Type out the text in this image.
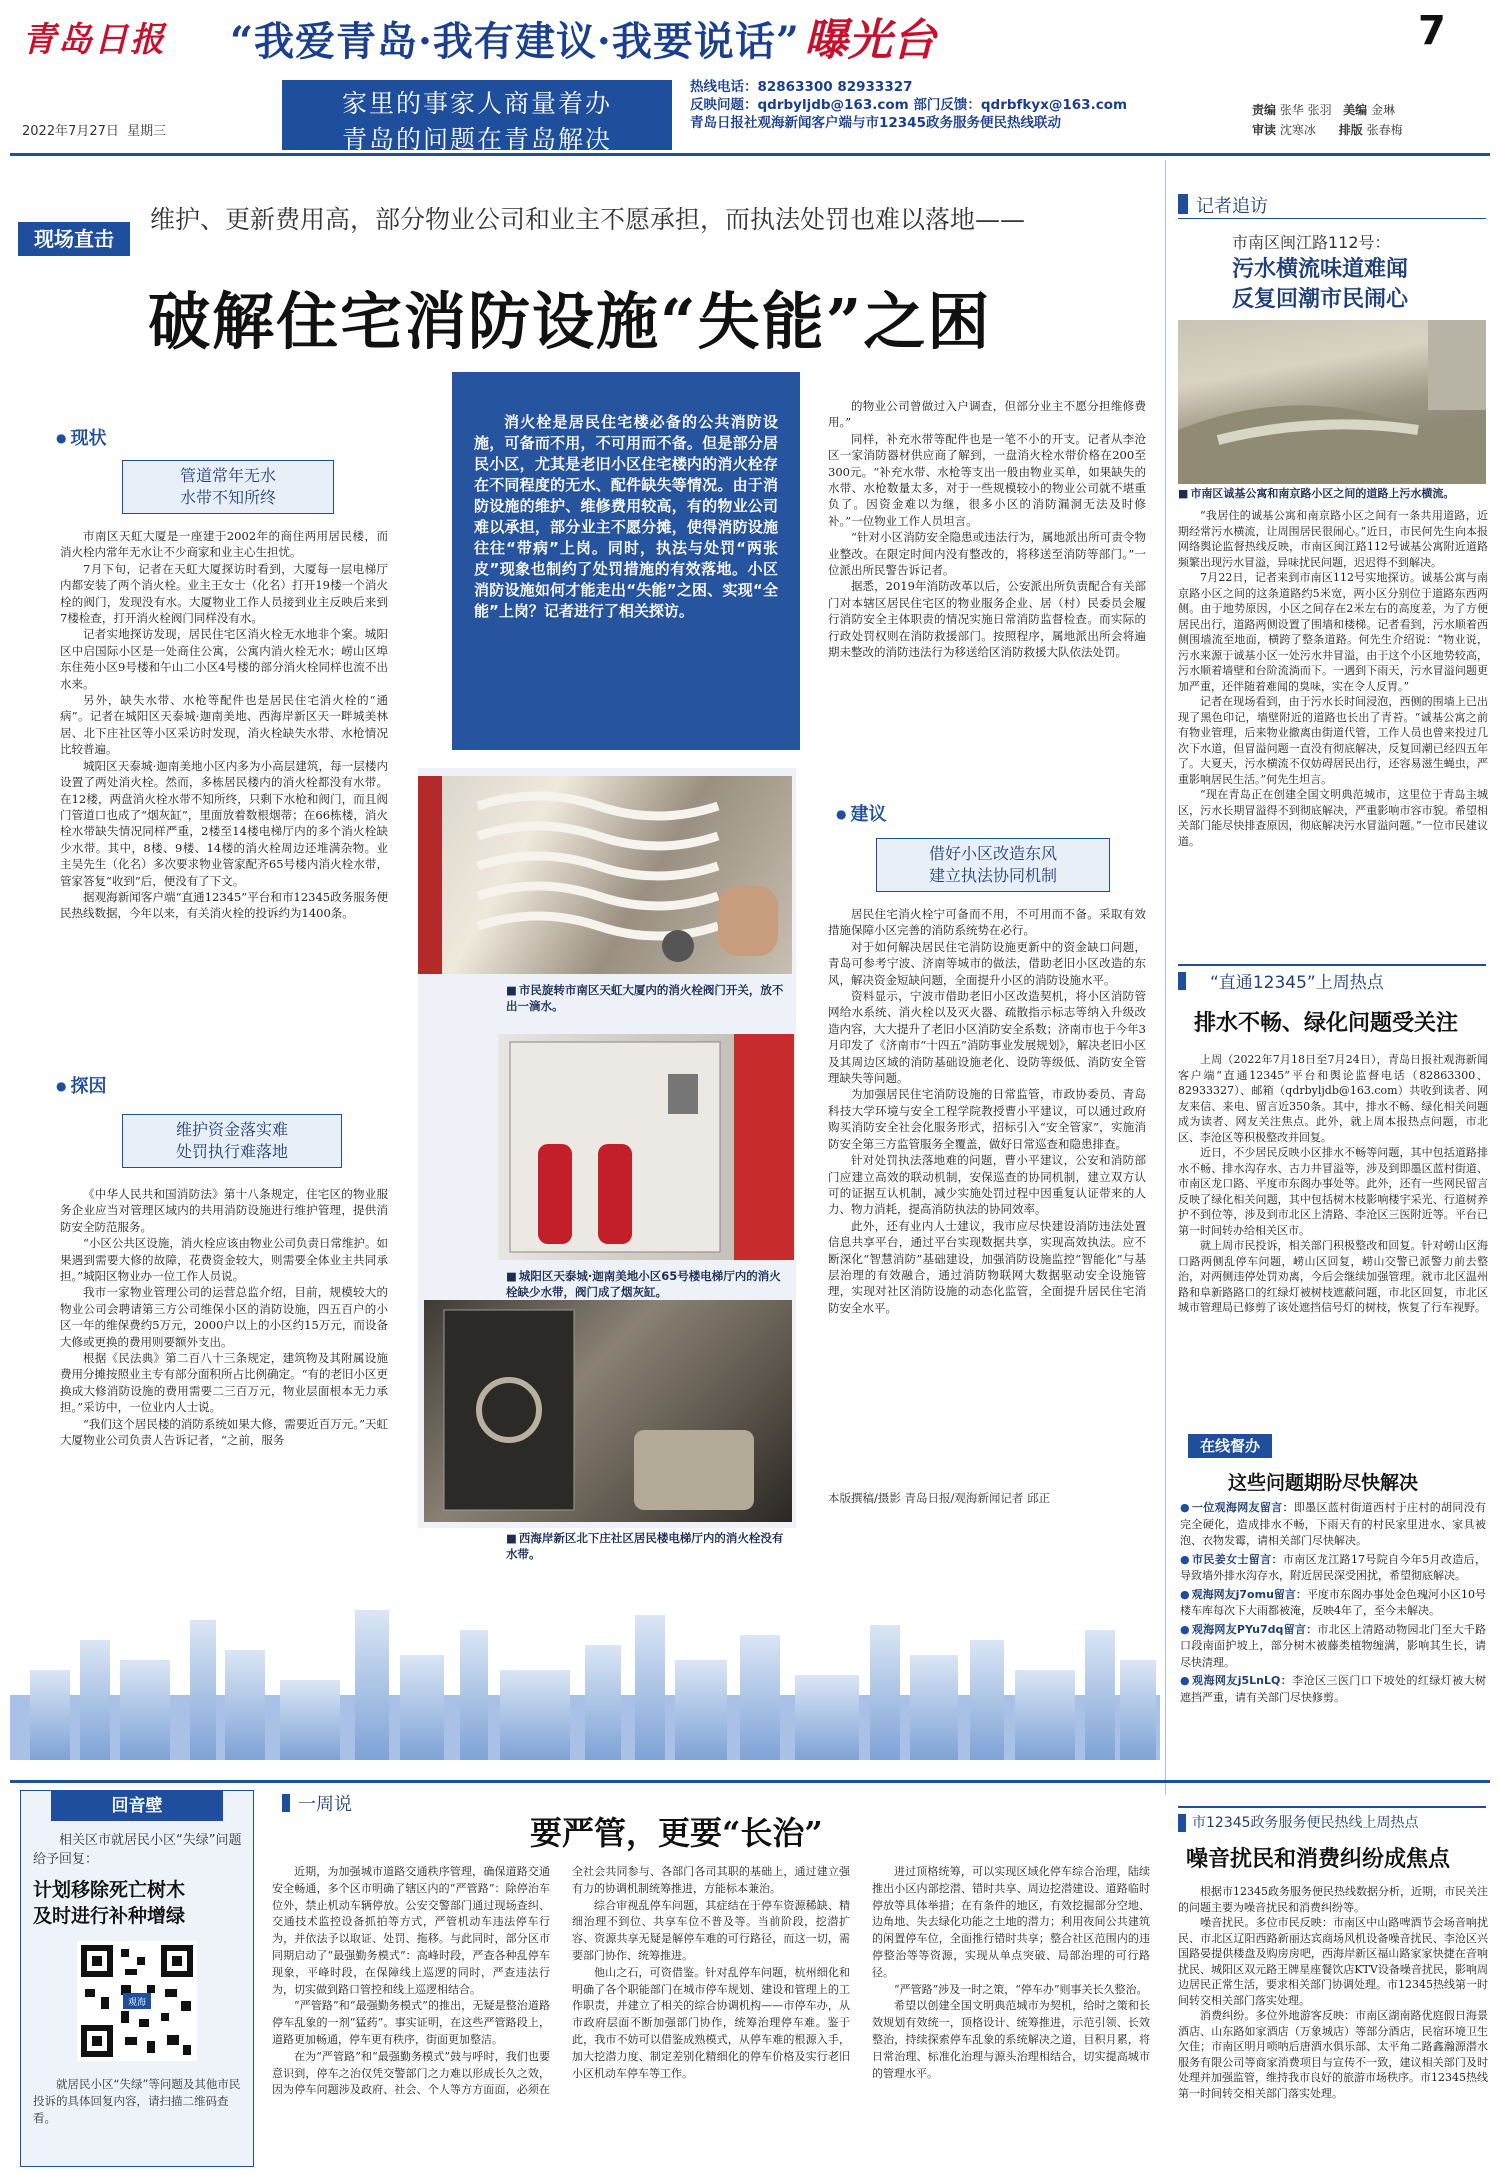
青岛日报
2022年7月27日 星期三
“我爱青岛·我有建议·我要说话”曝光台	7
家里的事家人商量着办
青岛的问题在青岛解决
热线电话：82863300 82933327
反映问题：qdrbyljdb@163.com 部门反馈：qdrbfkyx@163.com
青岛日报社观海新闻客户端与市12345政务服务便民热线联动
责编 张华 张羽 美编 金琳
审读 沈寒冰 排版 张春梅
现场直击
维护、更新费用高，部分物业公司和业主不愿承担，而执法处罚也难以落地——
破解住宅消防设施“失能”之困
● 现状
管道常年无水
水带不知所终

市南区天虹大厦是一座建于2002年的商住两用居民楼，而消火栓内常年无水让不少商家和业主心生担忧。

7月下旬，记者在天虹大厦探访时看到，大厦每一层电梯厅内都安装了两个消火栓。业主王女士（化名）打开19楼一个消火栓的阀门，发现没有水。大厦物业工作人员接到业主反映后来到7楼检查，打开消火栓阀门同样没有水。

记者实地探访发现，居民住宅区消火栓无水地非个案。城阳区中启国际小区是一处商住公寓，公寓内消火栓无水；崂山区埠东住苑小区9号楼和午山二小区4号楼的部分消火栓同样也流不出水来。

另外，缺失水带、水枪等配件也是居民住宅消火栓的“通病”。记者在城阳区天泰城·迦南美地、西海岸新区天一畔城美林居、北下庄社区等小区采访时发现，消火栓缺失水带、水枪情况比较普遍。

城阳区天泰城·迦南美地小区内多为小高层建筑，每一层楼内设置了两处消火栓。然而，多栋居民楼内的消火栓都没有水带。在12楼，两盘消火栓水带不知所终，只剩下水枪和阀门，而且阀门管道口也成了“烟灰缸”，里面放着数根烟蒂；在66栋楼，消火栓水带缺失情况同样严重，2楼至14楼电梯厅内的多个消火栓缺少水带。其中，8楼、9楼、14楼的消火栓周边还堆满杂物。业主吴先生（化名）多次要求物业管家配齐65号楼内消火栓水带，管家答复“收到”后，便没有了下文。

据观海新闻客户端“直通12345”平台和市12345政务服务便民热线数据，今年以来，有关消火栓的投诉约为1400条。

● 探因
维护资金落实难
处罚执行难落地

《中华人民共和国消防法》第十八条规定，住宅区的物业服务企业应当对管理区域内的共用消防设施进行维护管理，提供消防安全防范服务。

“小区公共区设施，消火栓应该由物业公司负责日常维护。如果遇到需要大修的故障，花费资金较大，则需要全体业主共同承担。”城阳区物业办一位工作人员说。

我市一家物业管理公司的运营总监介绍，目前，规模较大的物业公司会聘请第三方公司维保小区的消防设施，四五百户的小区一年的维保费约5万元，2000户以上的小区约15万元，而设备大修或更换的费用则要额外支出。

根据《民法典》第二百八十三条规定，建筑物及其附属设施费用分摊按照业主专有部分面积所占比例确定。“有的老旧小区更换成大修消防设施的费用需要二三百万元，物业层面根本无力承担。”采访中，一位业内人士说。

“我们这个居民楼的消防系统如果大修，需要近百万元。”天虹大厦物业公司负责人告诉记者，“之前，服务

消火栓是居民住宅楼必备的公共消防设施，可备而不用，不可用而不备。但是部分居民小区，尤其是老旧小区住宅楼内的消火栓存在不同程度的无水、配件缺失等情况。由于消防设施的维护、维修费用较高，有的物业公司难以承担，部分业主不愿分摊，使得消防设施往往“带病”上岗。同时，执法与处罚“两张皮”现象也制约了处罚措施的有效落地。小区消防设施如何才能走出“失能”之困、实现“全能”上岗？记者进行了相关探访。
■ 市民旋转市南区天虹大厦内的消火栓阀门开关，放不出一滴水。
■ 城阳区天泰城·迦南美地小区65号楼电梯厅内的消火栓缺少水带，阀门成了烟灰缸。
■ 西海岸新区北下庄社区居民楼电梯厅内的消火栓没有水带。

的物业公司曾做过入户调查，但部分业主不愿分担维修费用。”

同样，补充水带等配件也是一笔不小的开支。记者从李沧区一家消防器材供应商了解到，一盘消火栓水带价格在200至300元。“补充水带、水枪等支出一般由物业买单，如果缺失的水带、水枪数量太多，对于一些规模较小的物业公司就不堪重负了。因资金难以为继，很多小区的消防漏洞无法及时修补。”一位物业工作人员坦言。

“针对小区消防安全隐患或违法行为，属地派出所可责令物业整改。在限定时间内没有整改的，将移送至消防等部门。”一位派出所民警告诉记者。

据悉，2019年消防改革以后，公安派出所负责配合有关部门对本辖区居民住宅区的物业服务企业、居（村）民委员会履行消防安全主体职责的情况实施日常消防监督检查。而实际的行政处罚权则在消防救援部门。按照程序，属地派出所会将遍期未整改的消防违法行为移送给区消防救援大队依法处罚。

● 建议
借好小区改造东风
建立执法协同机制

居民住宅消火栓宁可备而不用，不可用而不备。采取有效措施保障小区完善的消防系统势在必行。

对于如何解决居民住宅消防设施更新中的资金缺口问题，青岛可参考宁波、济南等城市的做法，借助老旧小区改造的东风，解决资金短缺问题，全面提升小区的消防设施水平。

资料显示，宁波市借助老旧小区改造契机，将小区消防管网给水系统、消火栓以及灭火器、疏散指示标志等纳入升级改造内容，大大提升了老旧小区消防安全系数；济南市也于今年3月印发了《济南市“十四五”消防事业发展规划》，解决老旧小区及其周边区域的消防基础设施老化、设防等级低、消防安全管理缺失等问题。

为加强居民住宅消防设施的日常监管，市政协委员、青岛科技大学环境与安全工程学院教授曹小平建议，可以通过政府购买消防安全社会化服务形式，招标引入“安全管家”，实施消防安全第三方监管服务全覆盖，做好日常巡查和隐患排查。

针对处罚执法落地难的问题，曹小平建议，公安和消防部门应建立高效的联动机制，安保巡查的协同机制，建立双方认可的证据互认机制，减少实施处罚过程中因重复认证带来的人力、物力消耗，提高消防执法的协同效率。

此外，还有业内人士建议，我市应尽快建设消防违法处置信息共享平台，通过平台实现数据共享，实现高效执法。应不断深化“智慧消防”基础建设，加强消防设施监控“智能化”与基层治理的有效融合，通过消防物联网大数据驱动安全设施管理，实现对社区消防设施的动态化监管，全面提升居民住宅消防安全水平。

本版撰稿/摄影 青岛日报/观海新闻记者 邱正
记者追访
市南区闽江路112号：
污水横流味道难闻
反复回潮市民闹心
■ 市南区诚基公寓和南京路小区之间的道路上污水横流。

“我居住的诚基公寓和南京路小区之间有一条共用道路，近期经常污水横流，让周围居民很闹心。”近日，市民何先生向本报网络舆论监督热线反映，市南区闽江路112号诚基公寓附近道路频繁出现污水冒溢，异味扰民问题，迟迟得不到解决。

7月22日，记者来到市南区112号实地探访。诚基公寓与南京路小区之间的这条道路约5米宽，两小区分别位于道路东西两侧。由于地势原因，小区之间存在2米左右的高度差，为了方便居民出行，道路两侧设置了围墙和楼梯。记者看到，污水顺着西侧围墙流至地面，横跨了整条道路。何先生介绍说：“物业说，污水来源于诚基小区一处污水井冒溢，由于这个小区地势较高，污水顺着墙壁和台阶流淌而下。一遇到下雨天，污水冒溢问题更加严重，还伴随着难闻的臭味，实在令人反胃。”

记者在现场看到，由于污水长时间浸泡，西侧的围墙上已出现了黑色印记，墙壁附近的道路也长出了青苔。“诚基公寓之前有物业管理，后来物业撤离由街道代管，工作人员也曾来投过几次下水道，但冒溢问题一直没有彻底解决，反复回潮已经四五年了。大夏天，污水横流不仅妨碍居民出行，还容易滋生蝇虫，严重影响居民生活。”何先生坦言。

“现在青岛正在创建全国文明典范城市，这里位于青岛主城区，污水长期冒溢得不到彻底解决，严重影响市容市貌。希望相关部门能尽快排查原因，彻底解决污水冒溢问题。”一位市民建议道。

“直通12345”上周热点
排水不畅、绿化问题受关注

上周（2022年7月18日至7月24日），青岛日报社观海新闻客户端“直通12345”平台和舆论监督电话（82863300、82933327）、邮箱（qdrbyljdb@163.com）共收到读者、网友来信、来电、留言近350条。其中，排水不畅、绿化相关问题成为读者、网友关注焦点。此外，就上周本报热点问题，市北区、李沧区等积极整改并回复。

近日，不少居民反映小区排水不畅等问题，其中包括道路排水不畅、排水沟存水、古力井冒溢等，涉及到即墨区蓝村街道、市南区龙口路、平度市东阁办事处等。此外，还有一些网民留言反映了绿化相关问题，其中包括树木枝影响楼宇采光、行道树养护不到位等，涉及到市北区上清路、李沧区三医附近等。平台已第一时间转办给相关区市。

就上周市民投诉，相关部门积极整改和回复。针对崂山区海口路两侧乱停车问题，崂山区回复，崂山交警已派警力前去整治，对两侧违停处罚劝离，今后会继续加强管理。就市北区温州路和阜新路路口的红绿灯被树枝遮蔽问题，市北区回复，市北区城市管理局已修剪了该处遮挡信号灯的树枝，恢复了行车视野。

在线督办
这些问题期盼尽快解决
● 一位观海网友留言：即墨区蓝村街道西村于庄村的胡同没有完全硬化，造成排水不畅，下雨天有的村民家里进水、家具被泡、衣物发霉，请相关部门尽快解决。
● 市民姜女士留言：市南区龙江路17号院自今年5月改造后，导致墙外排水沟存水，附近居民深受困扰，希望彻底解决。
● 观海网友j7omu留言：平度市东阁办事处金色瑰河小区10号楼车库每次下大雨都被淹，反映4年了，至今未解决。
● 观海网友PYu7dq留言：市北区上清路动物园北门至大千路口段南面护坡上，部分树木被藤类植物缠满，影响其生长，请尽快清理。
● 观海网友j5LnLQ：李沧区三医门口下坡处的红绿灯被大树遮挡严重，请有关部门尽快修剪。
回音壁
相关区市就居民小区“失绿”问题给予回复：
计划移除死亡树木
及时进行补种增绿
观海
就居民小区“失绿”等问题及其他市民投诉的具体回复内容，请扫描二维码查看。
一周说
要严管，更要“长治”

近期，为加强城市道路交通秩序管理，确保道路交通安全畅通，多个区市明确了辖区内的“严管路”：除停治车位外，禁止机动车辆停放。公安交警部门通过现场查纠、交通技术监控设备抓拍等方式，严管机动车违法停车行为，并依法予以取证、处罚、拖移。与此同时，部分区市同期启动了“最强勤务模式”：高峰时段，严查各种乱停车现象，平峰时段，在保障线上巡逻的同时，严查违法行为，切实做到路口管控和线上巡逻相结合。

“严管路”和“最强勤务模式”的推出，无疑是整治道路停车乱象的一剂“猛药”。事实证明，在这些严管路段上，道路更加畅通，停车更有秩序，街面更加整洁。

在为“严管路”和“最强勤务模式”鼓与呼时，我们也要意识到，停车之治仅凭交警部门之力难以形成长久之效，因为停车问题涉及政府、社会、个人等方方面面，必须在全社会共同参与、各部门各司其职的基础上，通过建立强有力的协调机制统筹推进，方能标本兼治。

综合审视乱停车问题，其症结在于停车资源稀缺、精细治理不到位、共享车位不普及等。当前阶段，挖潜扩容、资源共享无疑是解停车难的可行路径，而这一切，需要部门协作、统筹推进。

他山之石，可资借鉴。针对乱停车问题，杭州细化和明确了各个职能部门在城市停车规划、建设和管理上的工作职责，并建立了相关的综合协调机构——市停车办，从市政府层面不断加强部门协作，统筹治理停车难。鉴于此，我市不妨可以借鉴成熟模式，从停车难的根源入手，加大挖潜力度、制定差别化精细化的停车价格及实行老旧小区机动车停车等工作。

进过顶格统筹，可以实现区域化停车综合治理，陆续推出小区内部挖潜、错时共享、周边挖潜建设、道路临时停放等具体举措；在有条件的地区，有效挖掘部分空地、边角地、失去绿化功能之土地的潜力；利用夜间公共建筑的闲置停车位，全面推行错时共享；整合社区范围内的违停整治等等资源，实现从单点突破、局部治理的可行路径。

“严管路”涉及一时之策，“停车办”则事关长久整治。

希望以创建全国文明典范城市为契机，给时之策和长效规划有效统一，顶格设计、统筹推进，示范引领、长效整治，持续探索停车乱象的系统解决之道，目积月累，将日常治理、标准化治理与源头治理相结合，切实提高城市的管理水平。

市12345政务服务便民热线上周热点
噪音扰民和消费纠纷成焦点

根据市12345政务服务便民热线数据分析，近期，市民关注的问题主要为噪音扰民和消费纠纷等。

噪音扰民。多位市民反映：市南区中山路啤酒节会场音响扰民、市北区辽阳西路新丽达宾商场风机设备噪音扰民、李沧区兴国路晏提供楼盘及购房房吧，西海岸新区福山路家家快捷在音响扰民、城阳区双元路王牌星座餐饮店KTV设备噪音扰民，影响周边居民正常生活，要求相关部门协调处理。市12345热线第一时间转交相关部门落实处理。

消费纠纷。多位外地游客反映：市南区湖南路优庭假日海景酒店、山东路如家酒店（万象城店）等部分酒店，民宿环境卫生欠佳；市南区明月唢呐后唐酒水俱乐部、太平角二路鑫瀚源潜水服务有限公司等商家消费项目与宣传不一致，建议相关部门及时处理并加强监管，维持我市良好的旅游市场秩序。市12345热线第一时间转交相关部门落实处理。
